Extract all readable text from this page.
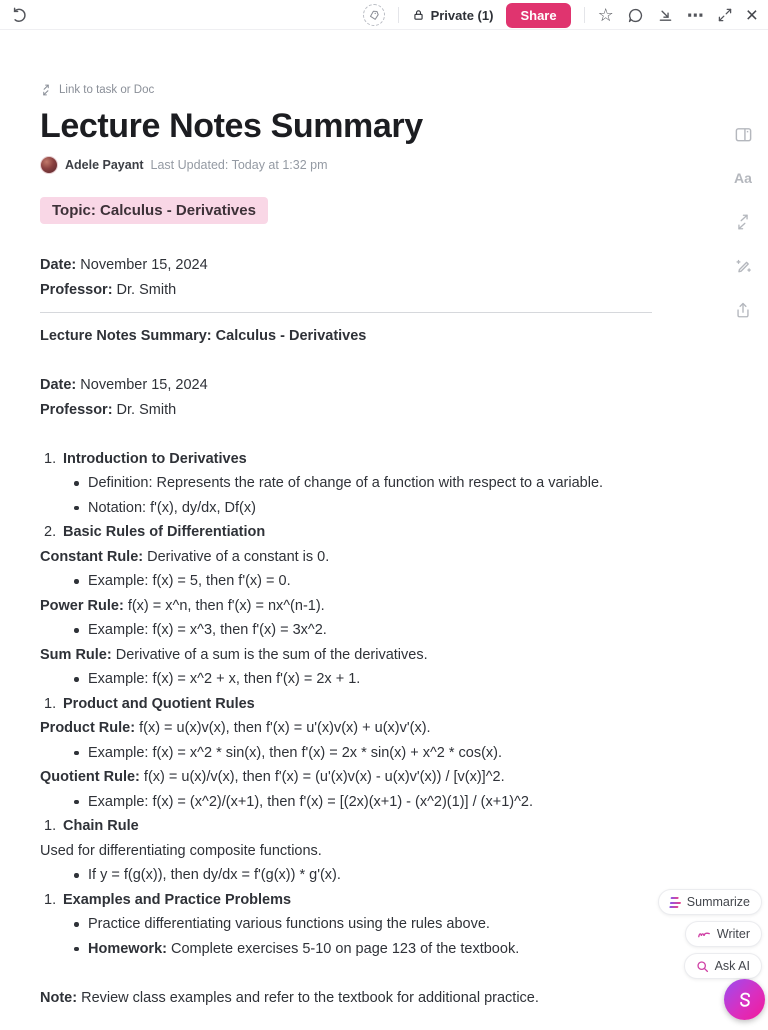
Private (1)	Share	☆	⋯ ×
Link to task or Doc
Lecture Notes Summary
Adele Payant Last Updated: Today at 1:32 pm
Topic: Calculus - Derivatives
Date: November 15, 2024
Professor: Dr. Smith
Lecture Notes Summary: Calculus - Derivatives
Date: November 15, 2024
Professor: Dr. Smith
1. Introduction to Derivatives
Definition: Represents the rate of change of a function with respect to a variable.
Notation: f'(x), dy/dx, Df(x)
2. Basic Rules of Differentiation
Constant Rule: Derivative of a constant is 0.
Example: f(x) = 5, then f'(x) = 0.
Power Rule: f(x) = x^n, then f'(x) = nx^(n-1).
Example: f(x) = x^3, then f'(x) = 3x^2.
Sum Rule: Derivative of a sum is the sum of the derivatives.
Example: f(x) = x^2 + x, then f'(x) = 2x + 1.
1. Product and Quotient Rules
Product Rule: f(x) = u(x)v(x), then f'(x) = u'(x)v(x) + u(x)v'(x).
Example: f(x) = x^2 * sin(x), then f'(x) = 2x * sin(x) + x^2 * cos(x).
Quotient Rule: f(x) = u(x)/v(x), then f'(x) = (u'(x)v(x) - u(x)v'(x)) / [v(x)]^2.
Example: f(x) = (x^2)/(x+1), then f'(x) = [(2x)(x+1) - (x^2)(1)] / (x+1)^2.
1. Chain Rule
Used for differentiating composite functions.
If y = f(g(x)), then dy/dx = f'(g(x)) * g'(x).
1. Examples and Practice Problems
Practice differentiating various functions using the rules above.
Homework: Complete exercises 5-10 on page 123 of the textbook.
Note: Review class examples and refer to the textbook for additional practice.
Aa
Summarize
Writer
Ask AI
